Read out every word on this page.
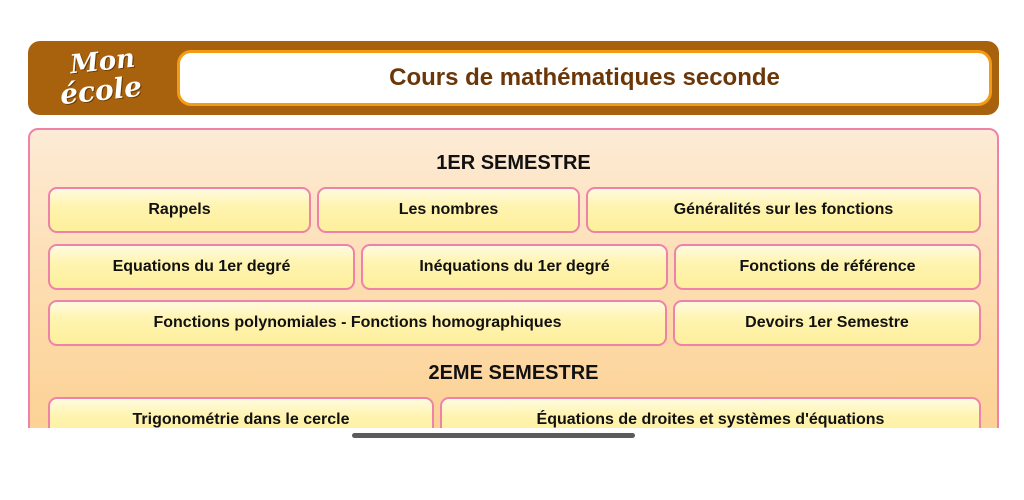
Mon
école	Cours de mathématiques seconde
1ER SEMESTRE
Rappels	Les nombres	Généralités sur les fonctions
Equations du 1er degré	Inéquations du 1er degré	Fonctions de référence
Fonctions polynomiales - Fonctions homographiques	Devoirs 1er Semestre
2EME SEMESTRE
Trigonométrie dans le cercle	Équations de droites et systèmes d'équations
